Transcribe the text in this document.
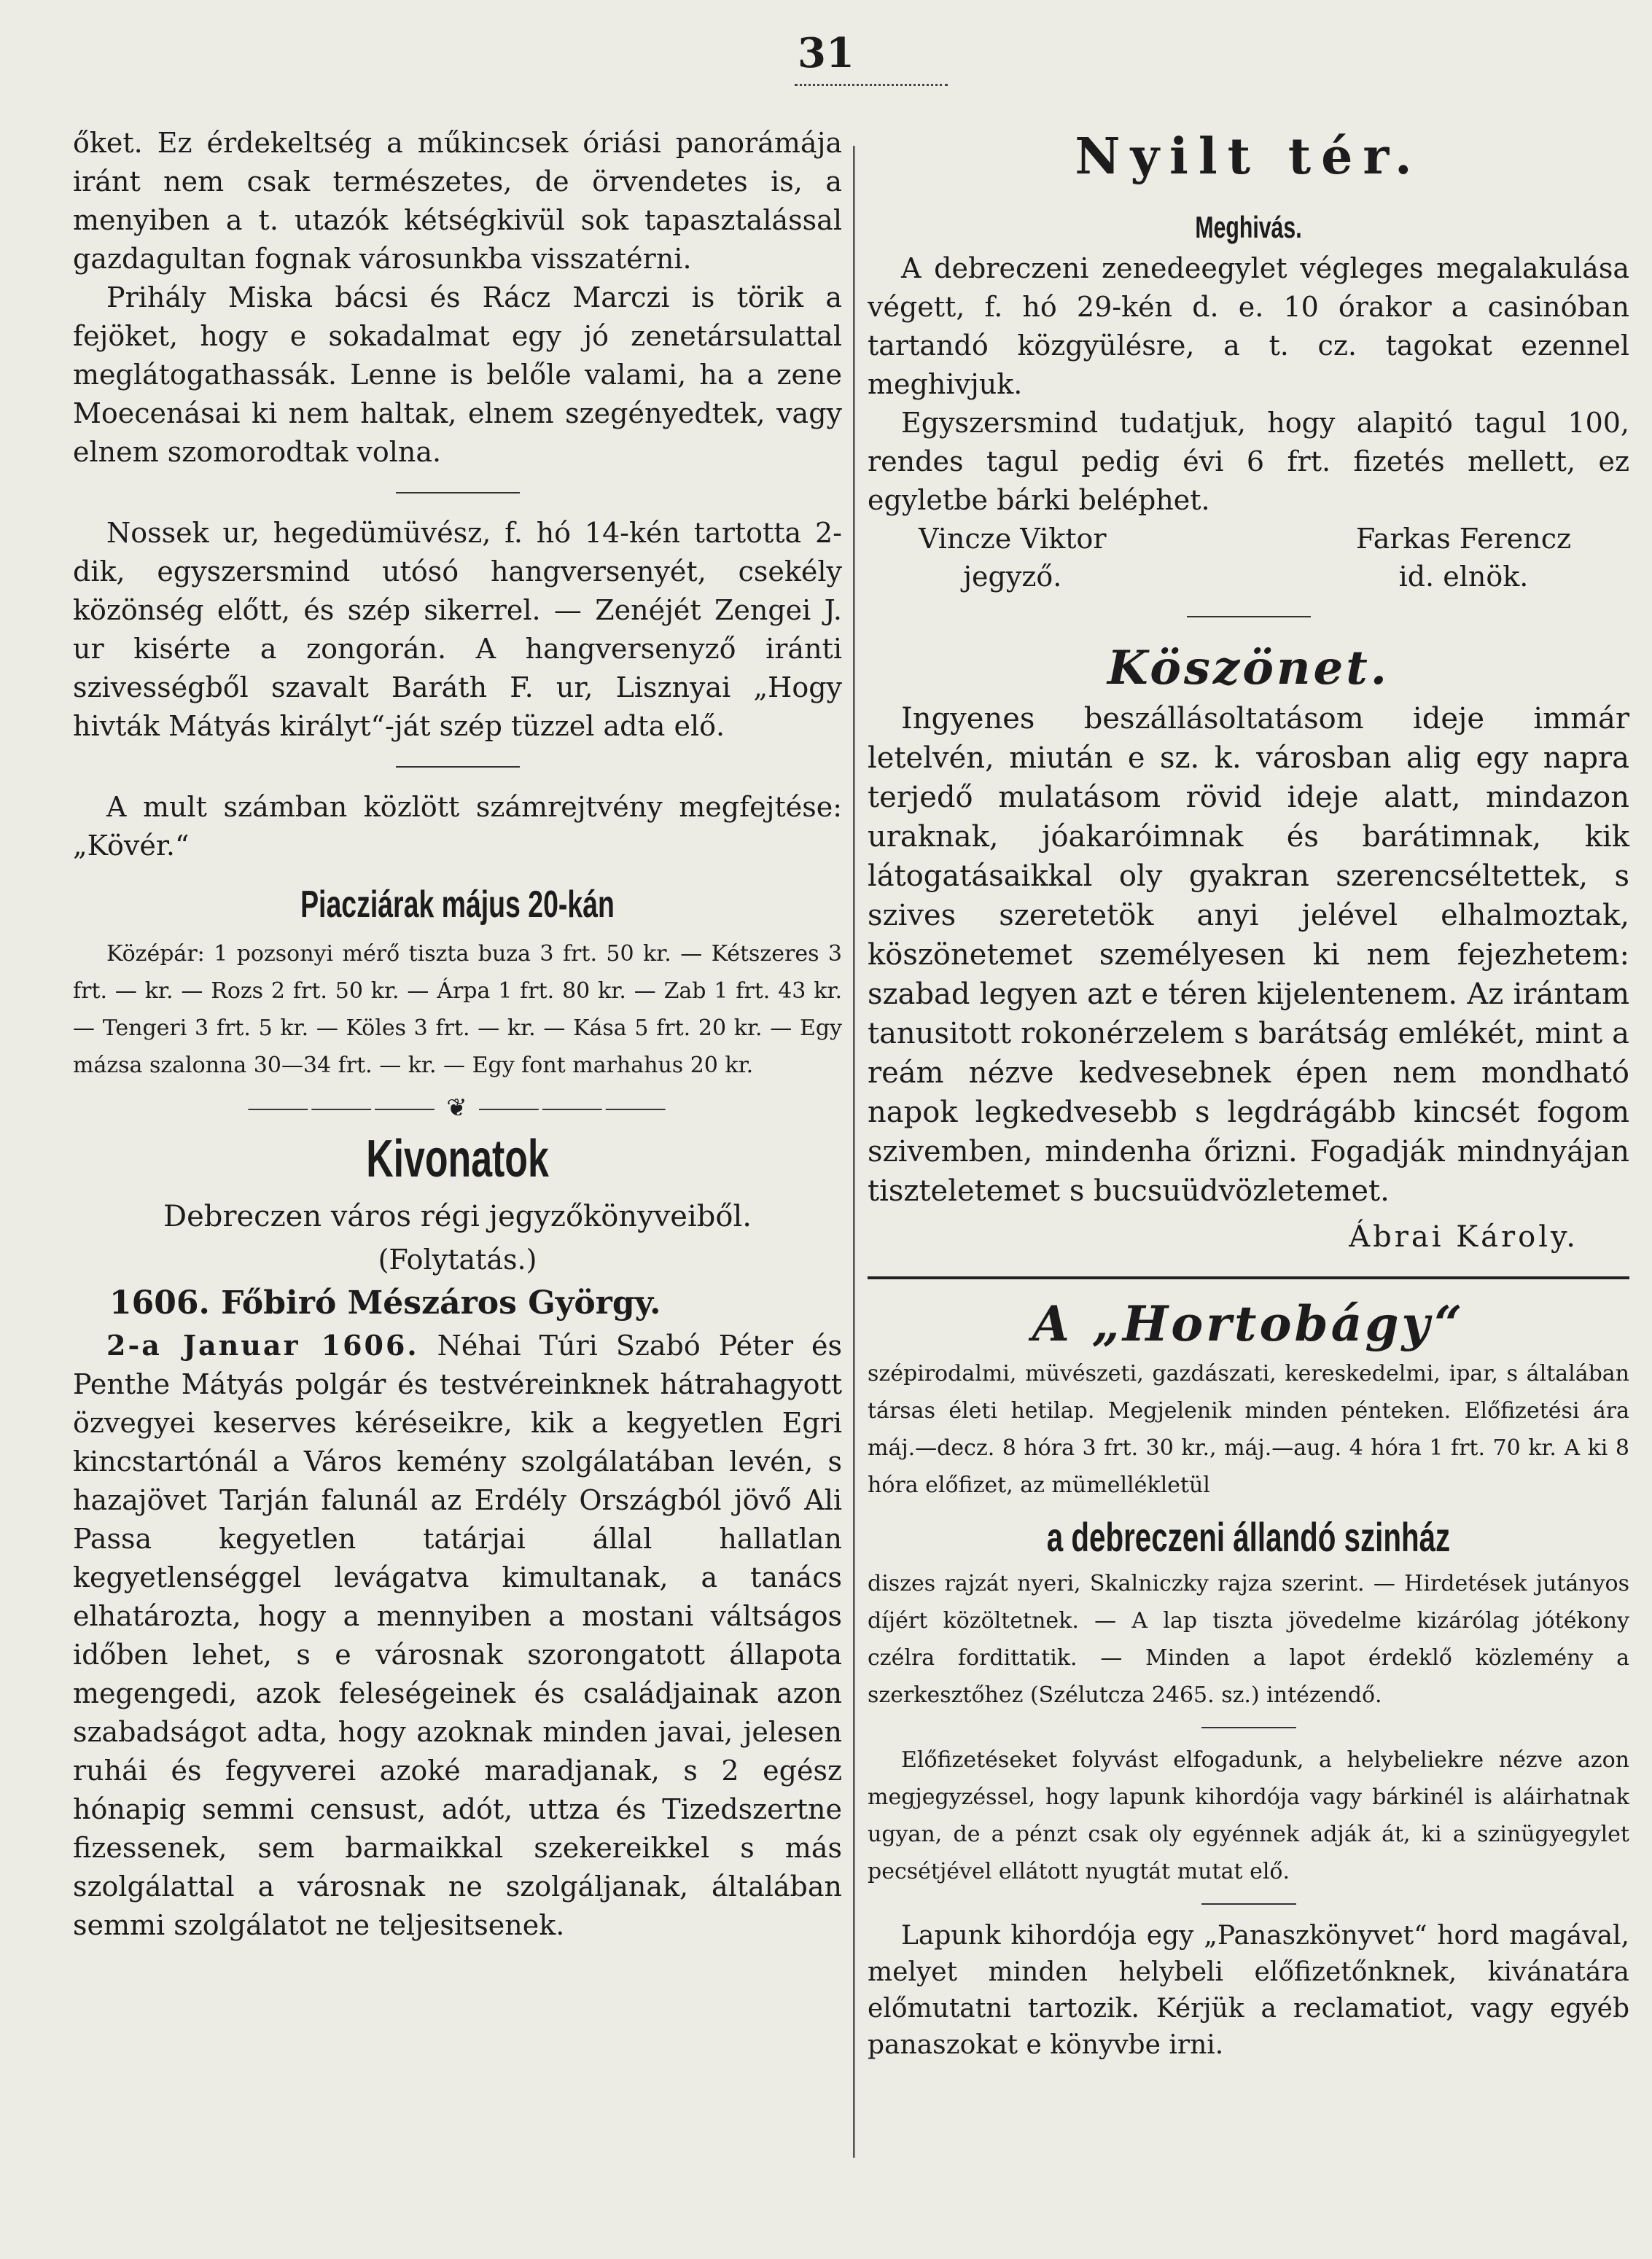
31

őket. Ez érdekeltség a műkincsek óriási panorámája iránt nem csak természetes, de örvendetes is, a menyiben a t. utazók kétségkivül sok tapasztalással gazdagultan fognak városunkba visszatérni.

Prihály Miska bácsi és Rácz Marczi is törik a fejöket, hogy e sokadalmat egy jó zenetársulattal meglátogathassák. Lenne is belőle valami, ha a zene Moecenásai ki nem haltak, elnem szegényedtek, vagy elnem szomorodtak volna.

Nossek ur, hegedümüvész, f. hó 14-kén tartotta 2-dik, egyszersmind utósó hangversenyét, csekély közönség előtt, és szép sikerrel. — Zenéjét Zengei J. ur kisérte a zongorán. A hangversenyző iránti szivességből szavalt Baráth F. ur, Lisznyai „Hogy hivták Mátyás királyt“-ját szép tüzzel adta elő.

A mult számban közlött számrejtvény megfejtése: „Kövér.“

Piacziárak május 20-kán

Középár: 1 pozsonyi mérő tiszta buza 3 frt. 50 kr. — Kétszeres 3 frt. — kr. — Rozs 2 frt. 50 kr. — Árpa 1 frt. 80 kr. — Zab 1 frt. 43 kr. — Tengeri 3 frt. 5 kr. — Köles 3 frt. — kr. — Kása 5 frt. 20 kr. — Egy mázsa szalonna 30—34 frt. — kr. — Egy font marhahus 20 kr.

⸻⸻⸻ ❦ ⸻⸻⸻
Kivonatok
Debreczen város régi jegyzőkönyveiből.
(Folytatás.)
1606. Főbiró Mészáros György.

2-a Januar 1606. Néhai Túri Szabó Péter és Penthe Mátyás polgár és testvéreinknek hátrahagyott özvegyei keserves kéréseikre, kik a kegyetlen Egri kincstartónál a Város kemény szolgálatában levén, s hazajövet Tarján falunál az Erdély Országból jövő Ali Passa kegyetlen tatárjai állal hallatlan kegyetlenséggel levágatva kimultanak, a tanács elhatározta, hogy a mennyiben a mostani váltságos időben lehet, s e városnak szorongatott állapota megengedi, azok feleségeinek és családjainak azon szabadságot adta, hogy azoknak minden javai, jelesen ruhái és fegyverei azoké maradjanak, s 2 egész hónapig semmi censust, adót, uttza és Tizedszertne fizessenek, sem barmaikkal szekereikkel s más szolgálattal a városnak ne szolgáljanak, általában semmi szolgálatot ne teljesitsenek.

Nyilt tér.
Meghivás.

A debreczeni zenedeegylet végleges megalakulása végett, f. hó 29-kén d. e. 10 órakor a casinóban tartandó közgyülésre, a t. cz. tagokat ezennel meghivjuk.

Egyszersmind tudatjuk, hogy alapitó tagul 100, rendes tagul pedig évi 6 frt. fizetés mellett, ez egyletbe bárki beléphet.

Vincze Viktor
jegyző.
Farkas Ferencz
id. elnök.
Köszönet.

Ingyenes beszállásoltatásom ideje immár letelvén, miután e sz. k. városban alig egy napra terjedő mulatásom rövid ideje alatt, mindazon uraknak, jóakaróimnak és barátimnak, kik látogatásaikkal oly gyakran szerencséltettek, s szives szeretetök anyi jelével elhalmoztak, köszönetemet személyesen ki nem fejezhetem: szabad legyen azt e téren kijelentenem. Az irántam tanusitott rokonérzelem s barátság emlékét, mint a reám nézve kedvesebnek épen nem mondható napok legkedvesebb s legdrágább kincsét fogom szivemben, mindenha őrizni. Fogadják mindnyájan tiszteletemet s bucsuüdvözletemet.

Ábrai Károly.
A „Hortobágy“

szépirodalmi, müvészeti, gazdászati, kereskedelmi, ipar, s általában társas életi hetilap. Megjelenik minden pénteken. Előfizetési ára máj.—decz. 8 hóra 3 frt. 30 kr., máj.—aug. 4 hóra 1 frt. 70 kr. A ki 8 hóra előfizet, az mümellékletül

a debreczeni állandó szinház

diszes rajzát nyeri, Skalniczky rajza szerint. — Hirdetések jutányos díjért közöltetnek. — A lap tiszta jövedelme kizárólag jótékony czélra fordittatik. — Minden a lapot érdeklő közlemény a szerkesztőhez (Szélutcza 2465. sz.) intézendő.

Előfizetéseket folyvást elfogadunk, a helybeliekre nézve azon megjegyzéssel, hogy lapunk kihordója vagy bárkinél is aláirhatnak ugyan, de a pénzt csak oly egyénnek adják át, ki a szinügyegylet pecsétjével ellátott nyugtát mutat elő.

Lapunk kihordója egy „Panaszkönyvet“ hord magával, melyet minden helybeli előfizetőnknek, kivánatára előmutatni tartozik. Kérjük a reclamatiot, vagy egyéb panaszokat e könyvbe irni.
